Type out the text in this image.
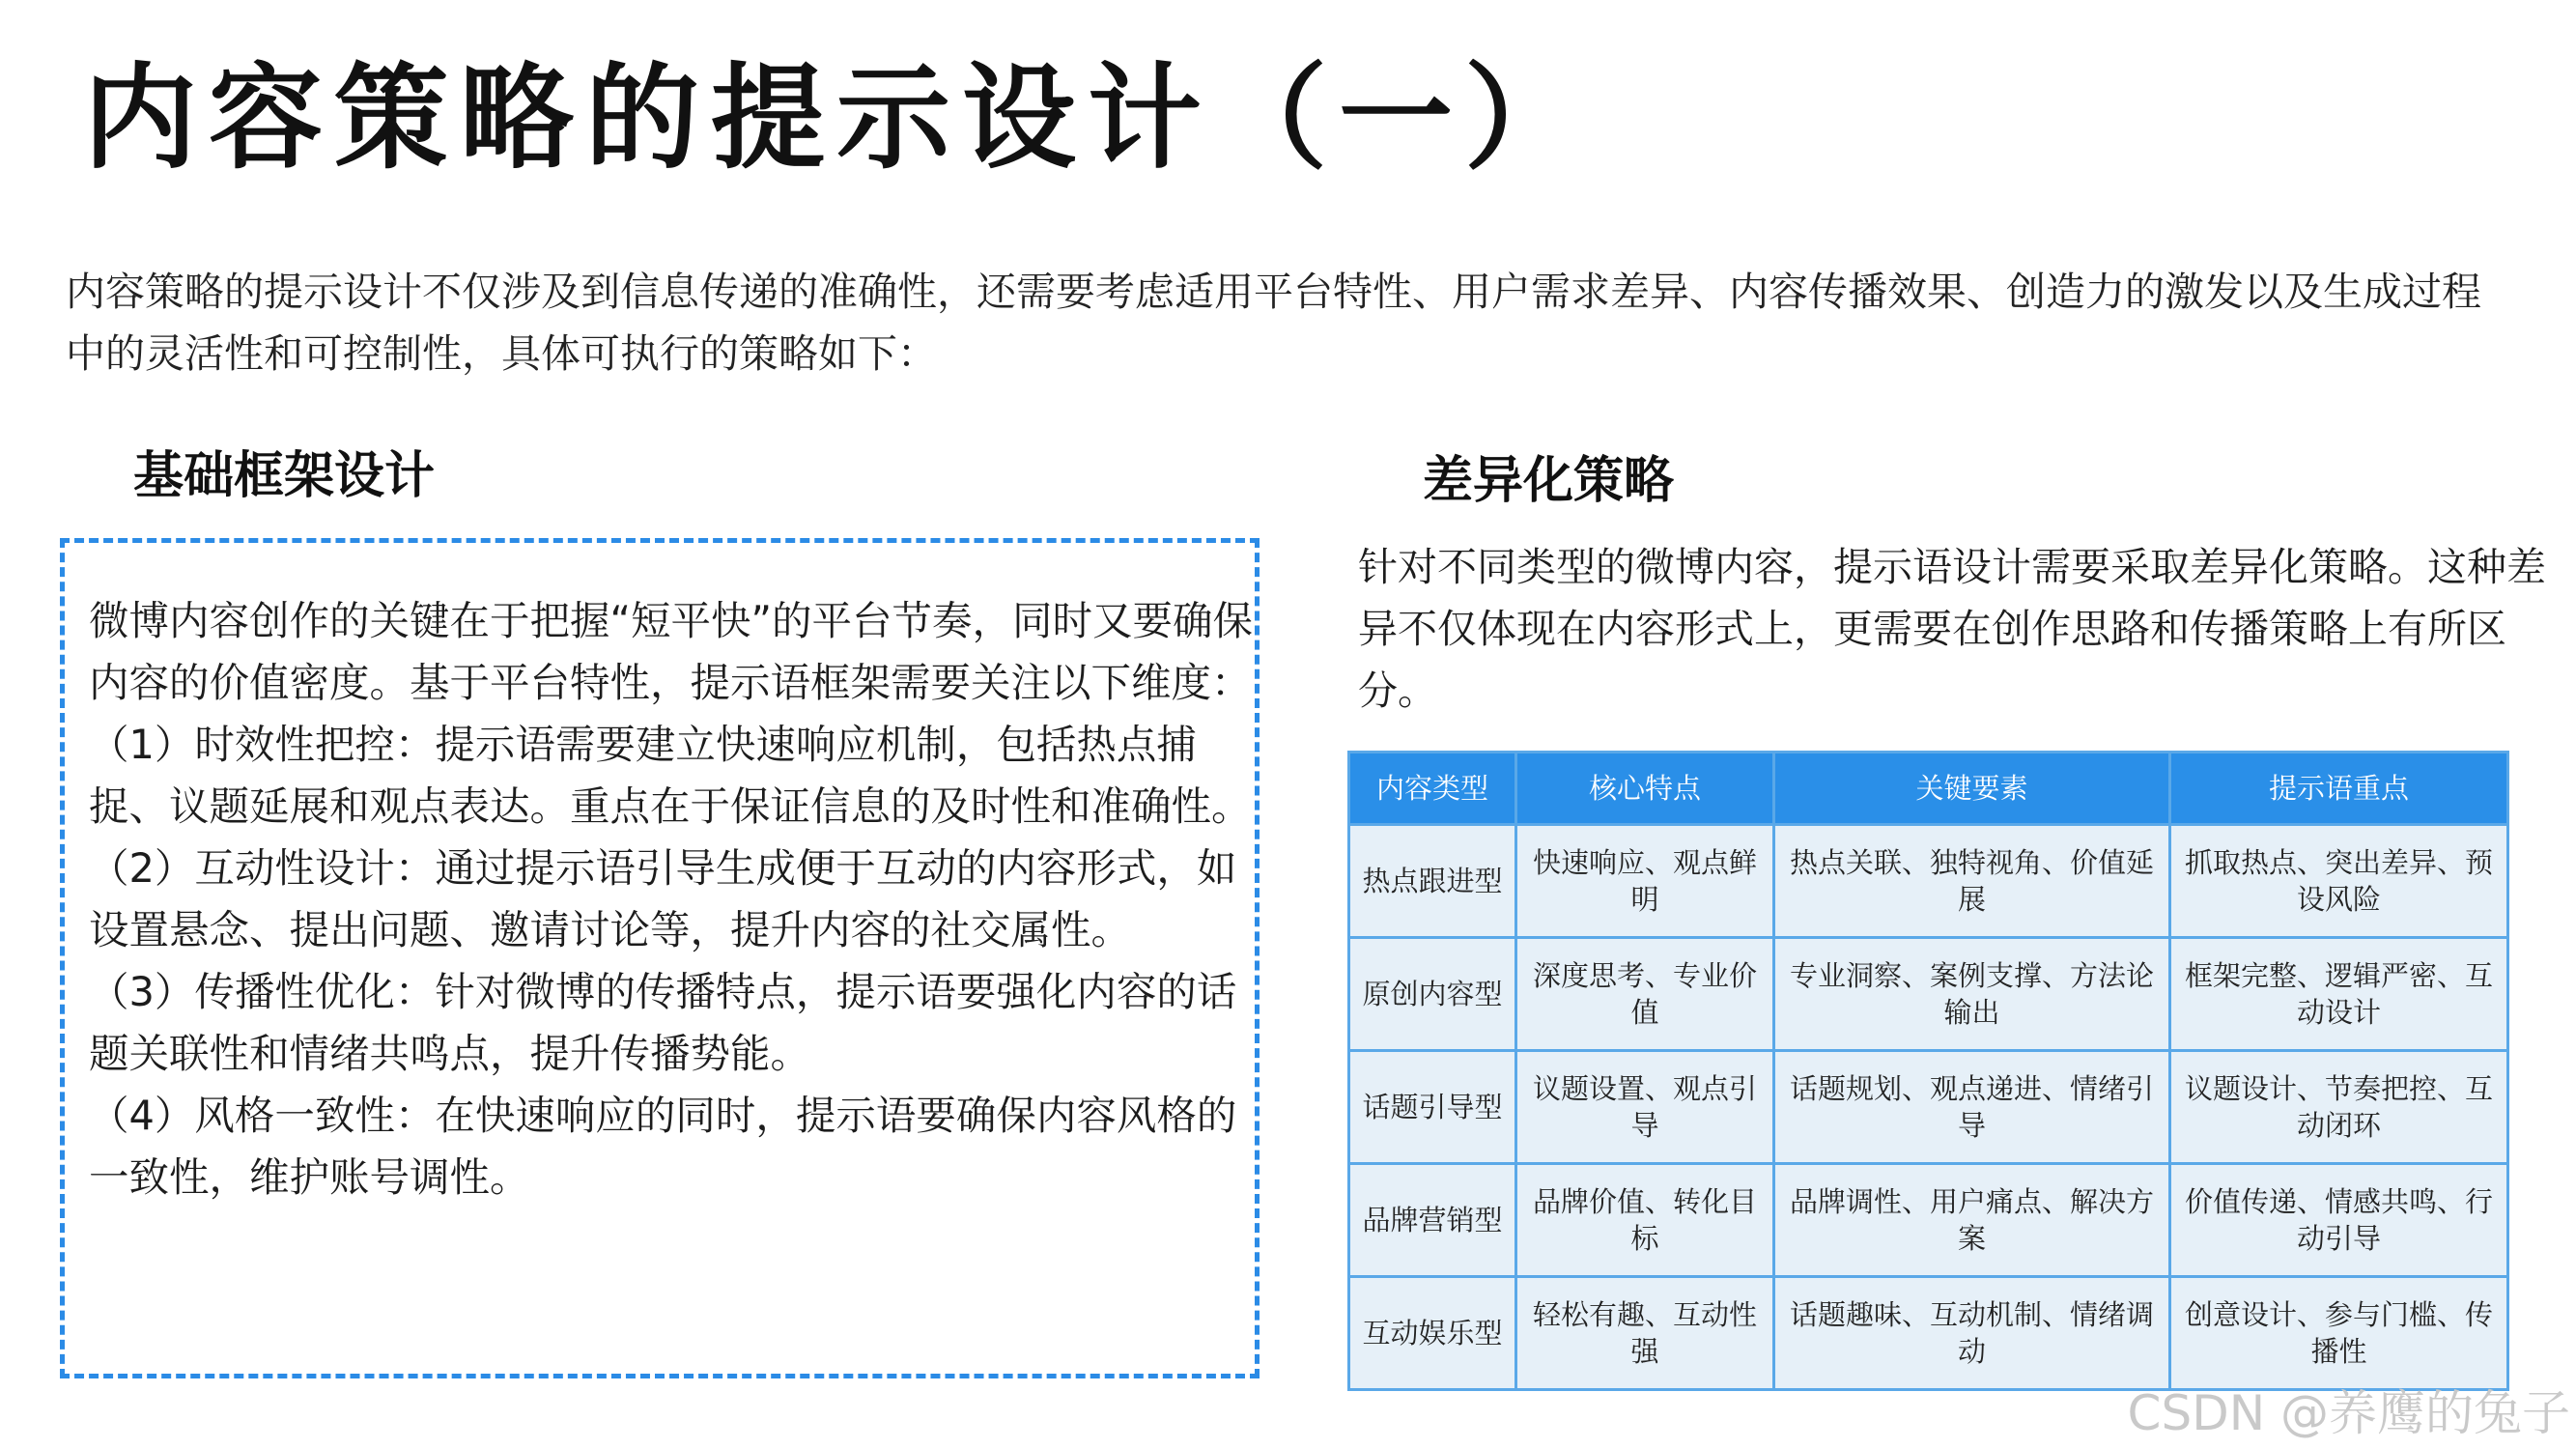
内容策略的提示设计（一）
内容策略的提示设计不仅涉及到信息传递的准确性，还需要考虑适用平台特性、用户需求差异、内容传播效果、创造力的激发以及生成过程中的灵活性和可控制性，具体可执行的策略如下：
基础框架设计

微博内容创作的关键在于把握“短平快”的平台节奏，同时又要确保内容的价值密度。基于平台特性，提示语框架需要关注以下维度：

（1）时效性把控：提示语需要建立快速响应机制，包括热点捕捉、议题延展和观点表达。重点在于保证信息的及时性和准确性。

（2）互动性设计：通过提示语引导生成便于互动的内容形式，如设置悬念、提出问题、邀请讨论等，提升内容的社交属性。

（3）传播性优化：针对微博的传播特点，提示语要强化内容的话题关联性和情绪共鸣点，提升传播势能。

（4）风格一致性：在快速响应的同时，提示语要确保内容风格的一致性，维护账号调性。

差异化策略
针对不同类型的微博内容，提示语设计需要采取差异化策略。这种差异不仅体现在内容形式上，更需要在创作思路和传播策略上有所区分。
内容类型	核心特点	关键要素	提示语重点
热点跟进型	快速响应、观点鲜明	热点关联、独特视角、价值延展	抓取热点、突出差异、预设风险
原创内容型	深度思考、专业价值	专业洞察、案例支撑、方法论输出	框架完整、逻辑严密、互动设计
话题引导型	议题设置、观点引导	话题规划、观点递进、情绪引导	议题设计、节奏把控、互动闭环
品牌营销型	品牌价值、转化目标	品牌调性、用户痛点、解决方案	价值传递、情感共鸣、行动引导
互动娱乐型	轻松有趣、互动性强	话题趣味、互动机制、情绪调动	创意设计、参与门槛、传播性
CSDN @养鹰的兔子
